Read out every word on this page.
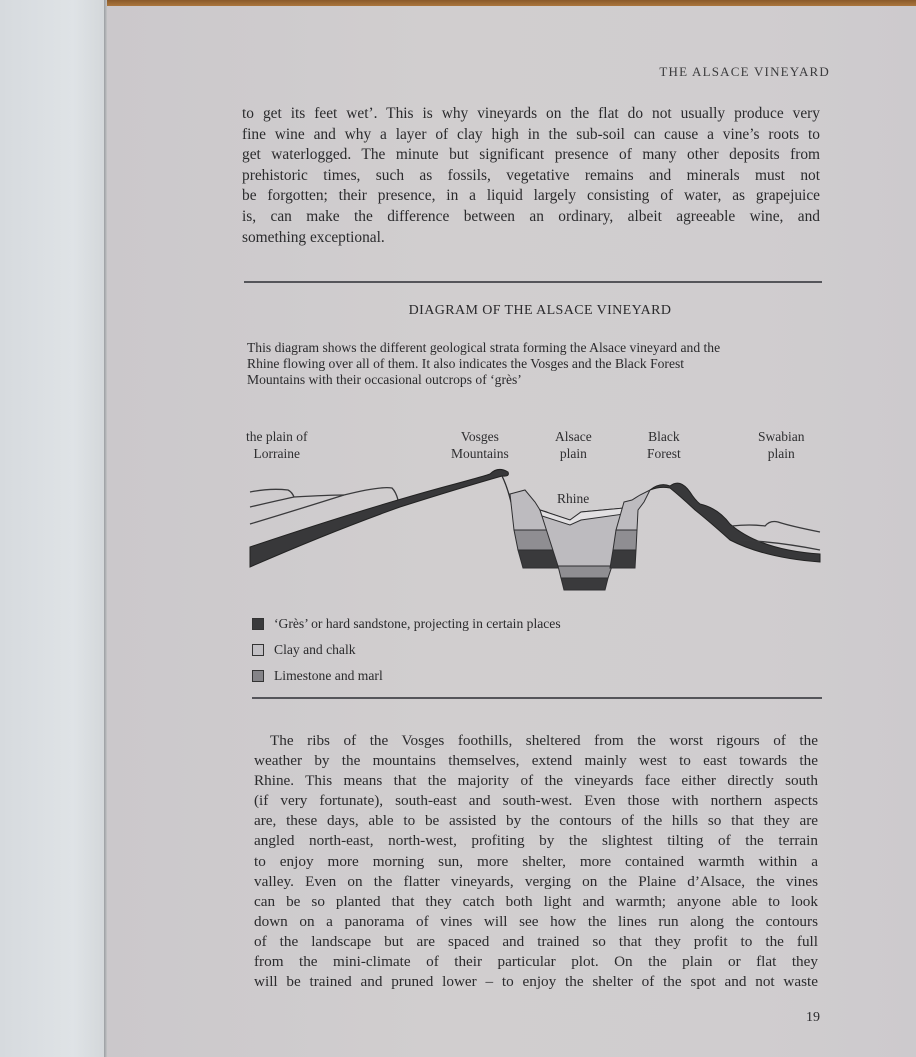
THE ALSACE VINEYARD
to get its feet wet’. This is why vineyards on the flat do not usually produce very
fine wine and why a layer of clay high in the sub-soil can cause a vine’s roots to
get waterlogged. The minute but significant presence of many other deposits from
prehistoric times, such as fossils, vegetative remains and minerals must not
be forgotten; their presence, in a liquid largely consisting of water, as grapejuice
is, can make the difference between an ordinary, albeit agreeable wine, and
something exceptional.
DIAGRAM OF THE ALSACE VINEYARD
This diagram shows the different geological strata forming the Alsace vineyard and the
Rhine flowing over all of them. It also indicates the Vosges and the Black Forest
Mountains with their occasional outcrops of ‘grès’
the plain of
Lorraine
Vosges
Mountains
Alsace
plain
Black
Forest
Swabian
plain
Rhine
‘Grès’ or hard sandstone, projecting in certain places
Clay and chalk
Limestone and marl
The ribs of the Vosges foothills, sheltered from the worst rigours of the
weather by the mountains themselves, extend mainly west to east towards the
Rhine. This means that the majority of the vineyards face either directly south
(if very fortunate), south-east and south-west. Even those with northern aspects
are, these days, able to be assisted by the contours of the hills so that they are
angled north-east, north-west, profiting by the slightest tilting of the terrain
to enjoy more morning sun, more shelter, more contained warmth within a
valley. Even on the flatter vineyards, verging on the Plaine d’Alsace, the vines
can be so planted that they catch both light and warmth; anyone able to look
down on a panorama of vines will see how the lines run along the contours
of the landscape but are spaced and trained so that they profit to the full
from the mini-climate of their particular plot. On the plain or flat they
will be trained and pruned lower – to enjoy the shelter of the spot and not waste
19
